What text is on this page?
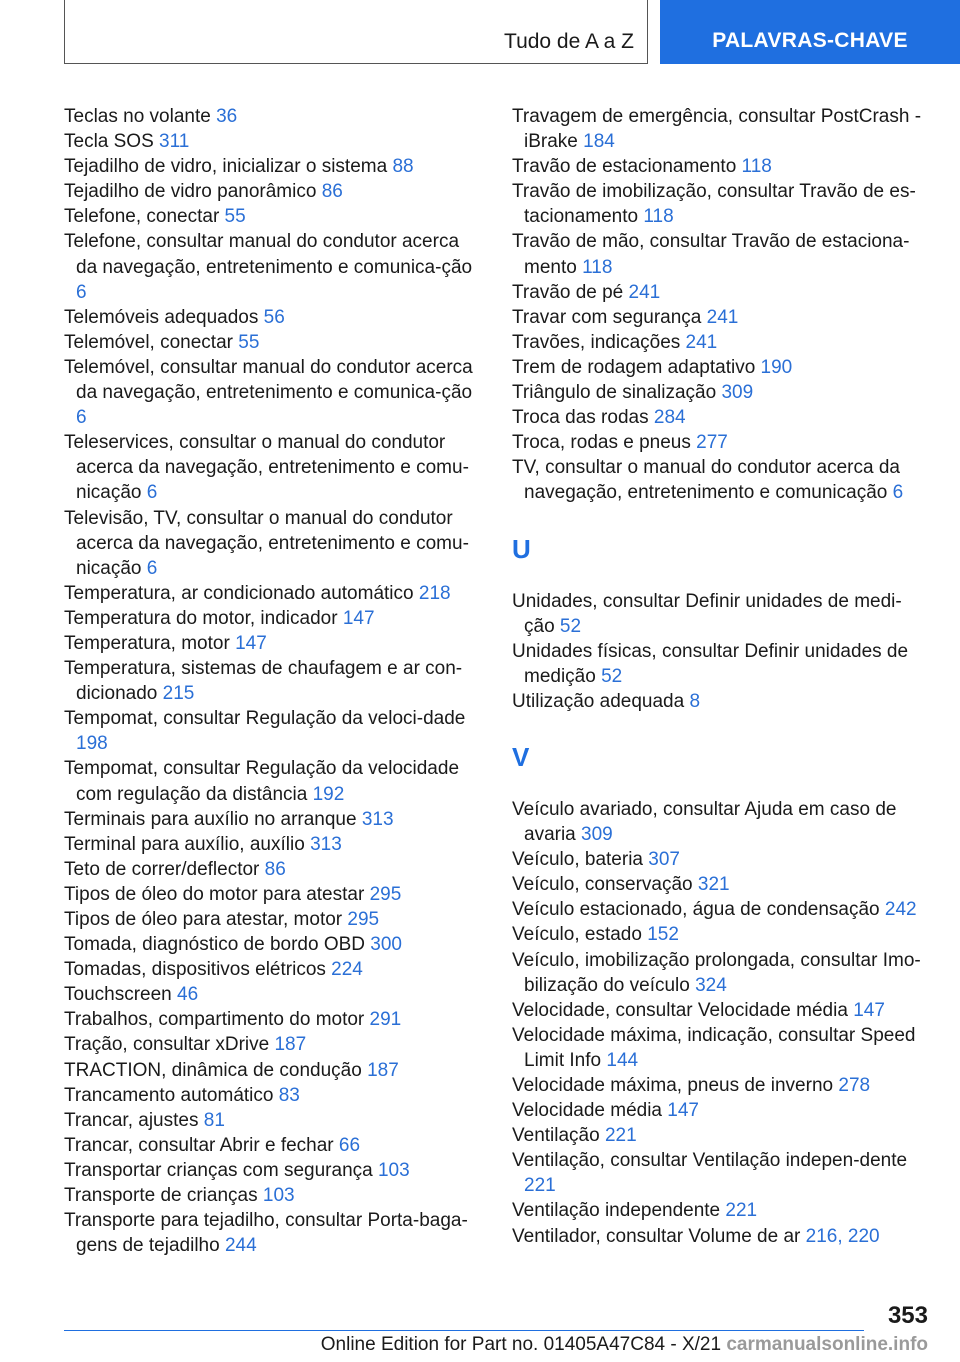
Tudo de A a Z	PALAVRAS-CHAVE
Teclas no volante 36
Tecla SOS 311
Tejadilho de vidro, inicializar o sistema 88
Tejadilho de vidro panorâmico 86
Telefone, conectar 55
Telefone, consultar manual do condutor acerca da navegação, entretenimento e comunica‐ção 6
Telemóveis adequados 56
Telemóvel, conectar 55
Telemóvel, consultar manual do condutor acerca da navegação, entretenimento e comunica‐ção 6
Teleservices, consultar o manual do condutor acerca da navegação, entretenimento e comu‐nicação 6
Televisão, TV, consultar o manual do condutor acerca da navegação, entretenimento e comu‐nicação 6
Temperatura, ar condicionado automático 218
Temperatura do motor, indicador 147
Temperatura, motor 147
Temperatura, sistemas de chaufagem e ar con‐dicionado 215
Tempomat, consultar Regulação da veloci‐dade 198
Tempomat, consultar Regulação da velocidade com regulação da distância 192
Terminais para auxílio no arranque 313
Terminal para auxílio, auxílio 313
Teto de correr/deflector 86
Tipos de óleo do motor para atestar 295
Tipos de óleo para atestar, motor 295
Tomada, diagnóstico de bordo OBD 300
Tomadas, dispositivos elétricos 224
Touchscreen 46
Trabalhos, compartimento do motor 291
Tração, consultar xDrive 187
TRACTION, dinâmica de condução 187
Trancamento automático 83
Trancar, ajustes 81
Trancar, consultar Abrir e fechar 66
Transportar crianças com segurança 103
Transporte de crianças 103
Transporte para tejadilho, consultar Porta-baga‐gens de tejadilho 244
Travagem de emergência, consultar PostCrash - iBrake 184
Travão de estacionamento 118
Travão de imobilização, consultar Travão de es‐tacionamento 118
Travão de mão, consultar Travão de estaciona‐mento 118
Travão de pé 241
Travar com segurança 241
Travões, indicações 241
Trem de rodagem adaptativo 190
Triângulo de sinalização 309
Troca das rodas 284
Troca, rodas e pneus 277
TV, consultar o manual do condutor acerca da navegação, entretenimento e comunicação 6
U
Unidades, consultar Definir unidades de medi‐ção 52
Unidades físicas, consultar Definir unidades de medição 52
Utilização adequada 8
V
Veículo avariado, consultar Ajuda em caso de avaria 309
Veículo, bateria 307
Veículo, conservação 321
Veículo estacionado, água de condensação 242
Veículo, estado 152
Veículo, imobilização prolongada, consultar Imo‐bilização do veículo 324
Velocidade, consultar Velocidade média 147
Velocidade máxima, indicação, consultar Speed Limit Info 144
Velocidade máxima, pneus de inverno 278
Velocidade média 147
Ventilação 221
Ventilação, consultar Ventilação indepen‐dente 221
Ventilação independente 221
Ventilador, consultar Volume de ar 216, 220
353
Online Edition for Part no. 01405A47C84 - X/21 carmanualsonline.info
